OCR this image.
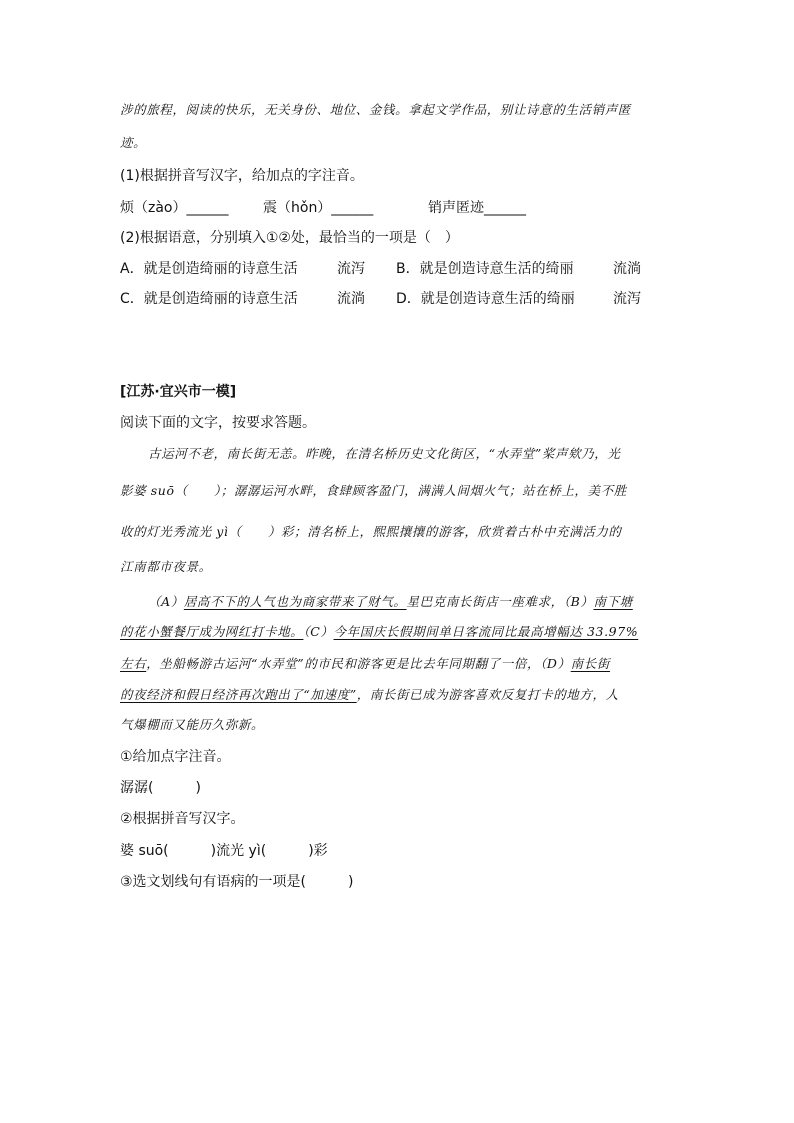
涉的旅程，阅读的快乐，无关身份、地位、金钱。拿起文学作品，别让诗意的生活销声匿
迹。
(1)根据拼音写汉字，给加点的字注音。
烦（zào）______ 震（hǒn）______	销声匿迹______
(2)根据语意，分别填入①②处，最恰当的一项是（　）
A．就是创造绮丽的诗意生活	流泻 B．就是创造诗意生活的绮丽	流淌
C．就是创造绮丽的诗意生活	流淌 D．就是创造诗意生活的绮丽	流泻
[江苏·宜兴市一模]
阅读下面的文字，按要求答题。
古运河不老，南长街无恙。昨晚，在清名桥历史文化街区，“水弄堂”桨声欸乃，光
影婆 suō（　　）；潺潺运河水畔，食肆顾客盈门，满满人间烟火气；站在桥上，美不胜
收的灯光秀流光 yì（　　）彩；清名桥上，熙熙攘攘的游客，欣赏着古朴中充满活力的
江南都市夜景。
（A）居高不下的人气也为商家带来了财气。星巴克南长街店一座难求，（B）南下塘
的花小蟹餐厅成为网红打卡地。（C）今年国庆长假期间单日客流同比最高增幅达 33.97%
左右，坐船畅游古运河“水弄堂”的市民和游客更是比去年同期翻了一倍，（D）南长街
的夜经济和假日经济再次跑出了“加速度”，南长街已成为游客喜欢反复打卡的地方，人
气爆棚而又能历久弥新。
①给加点字注音。
潺潺(　　　)
②根据拼音写汉字。
婆 suō(　　　)流光 yì(　　　)彩
③选文划线句有语病的一项是(　　　)
